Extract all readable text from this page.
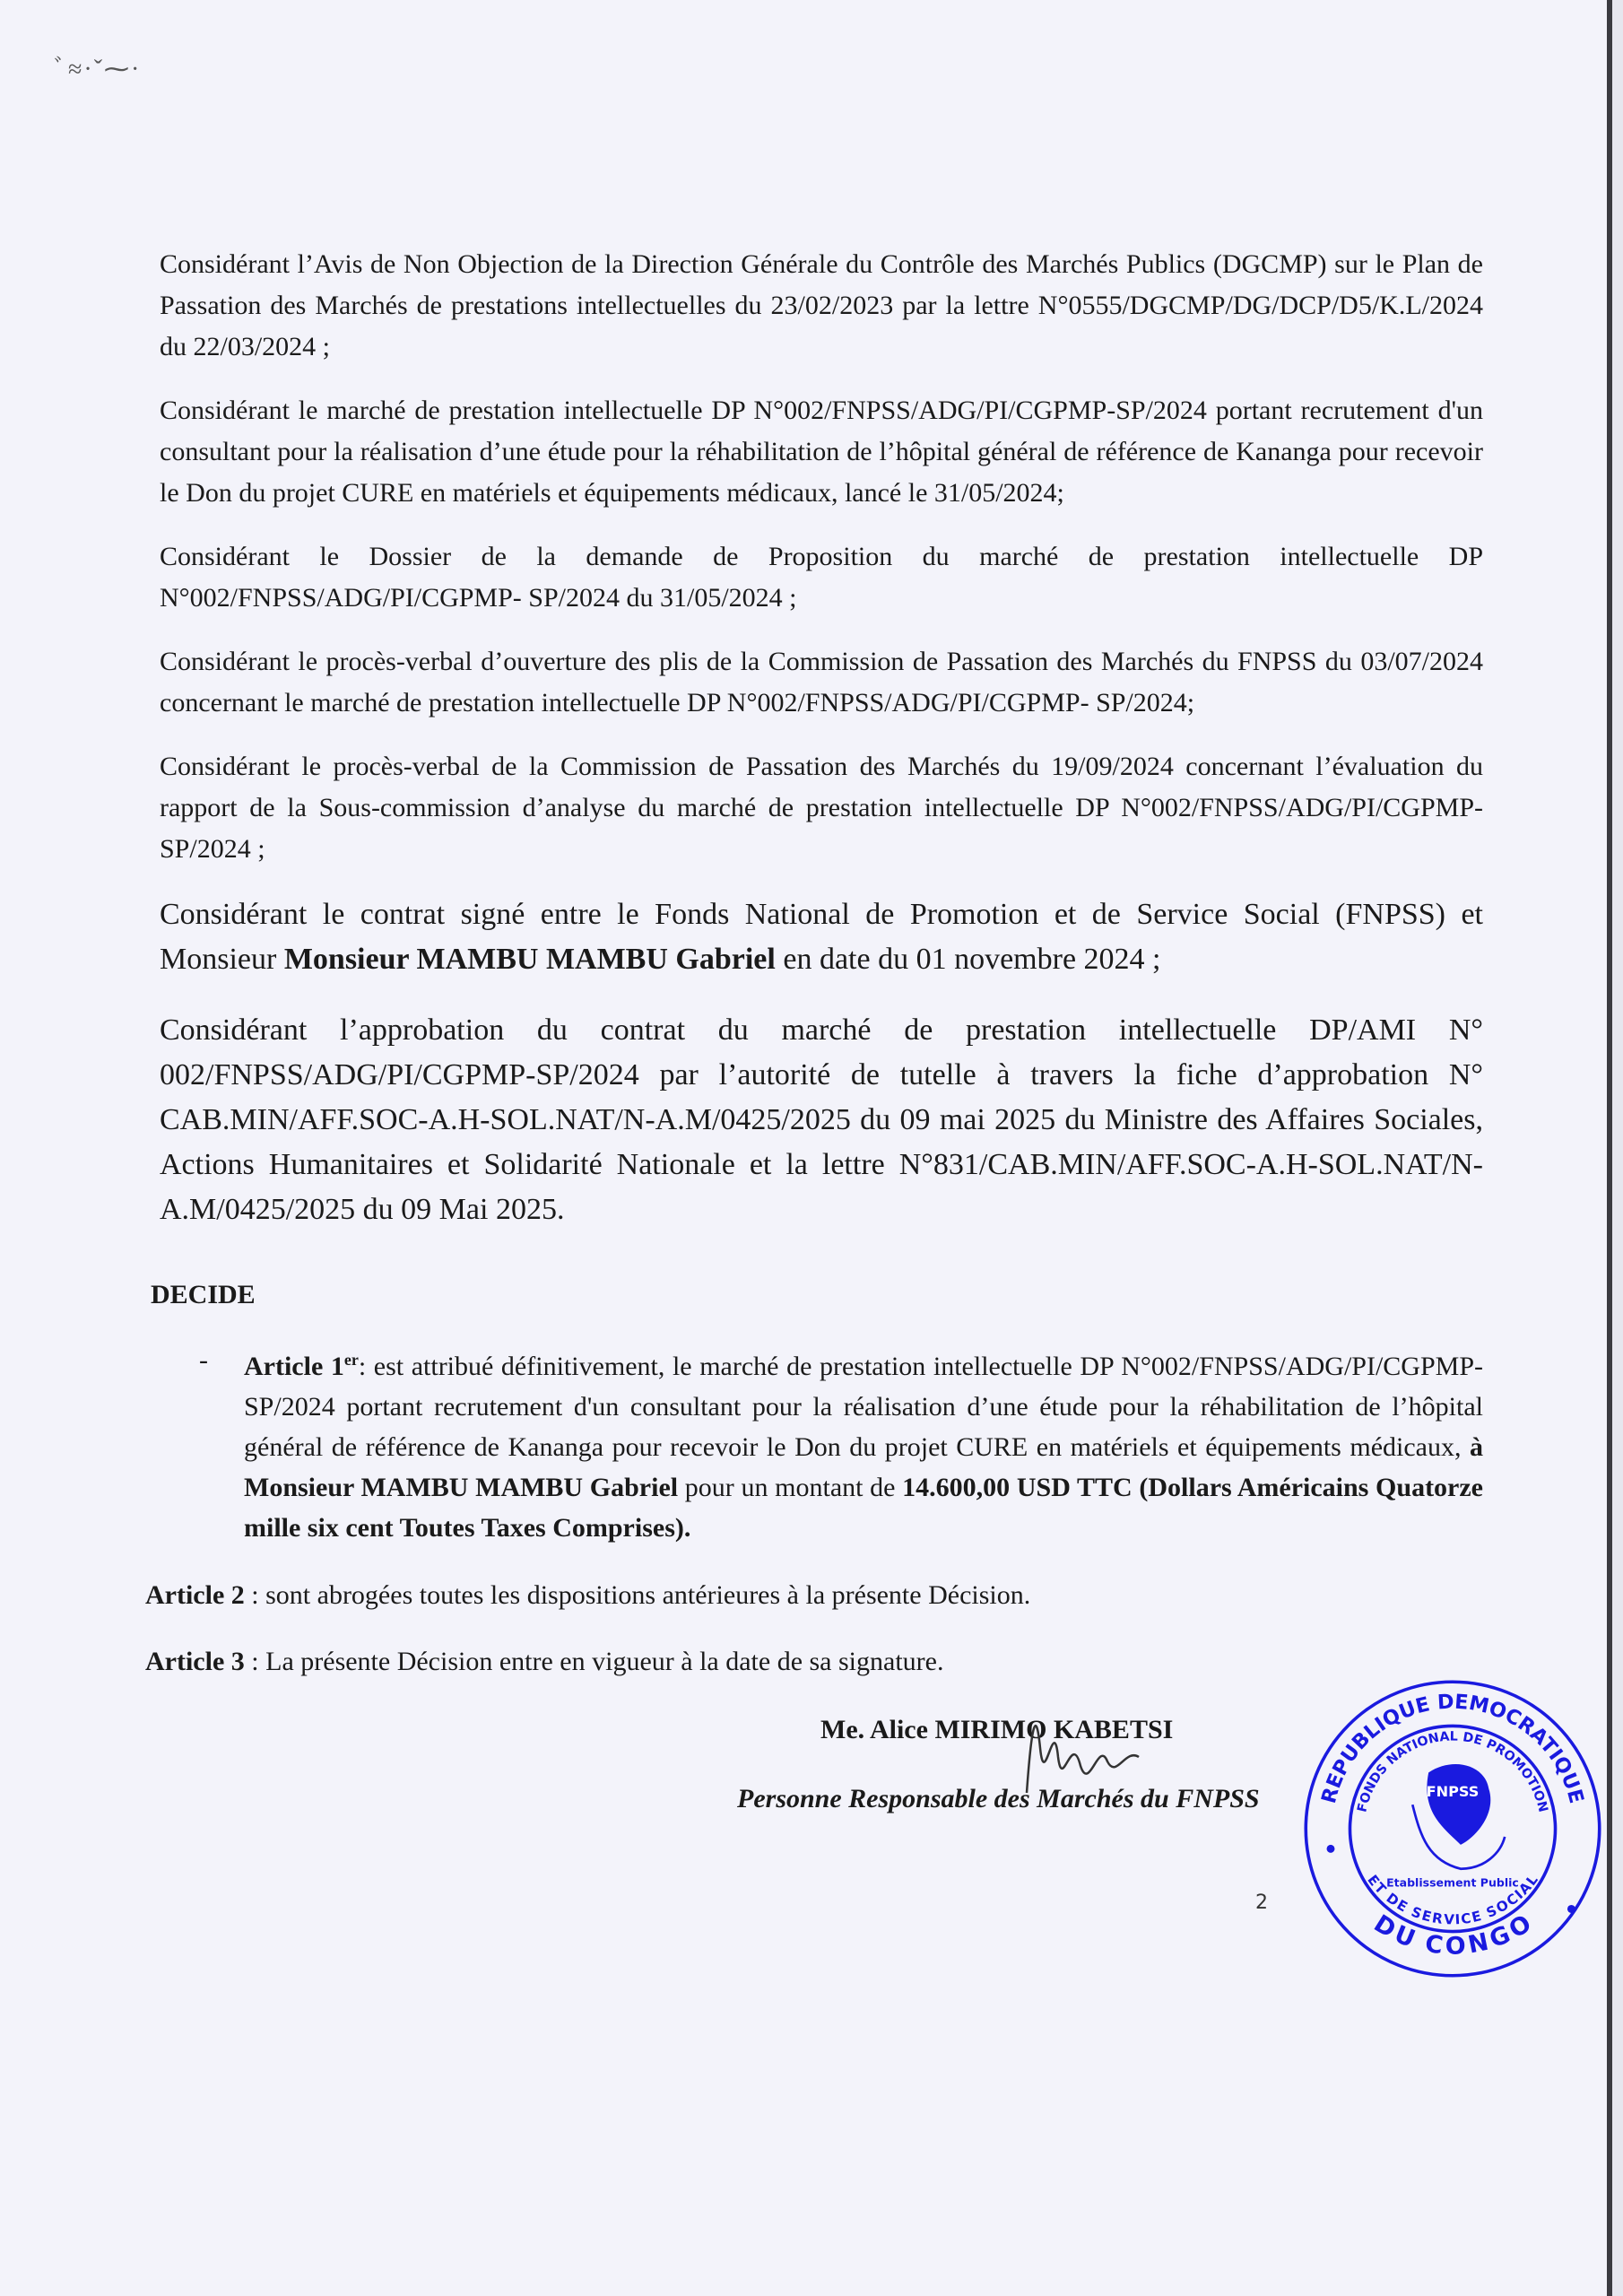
ﾞ≈·ˇ⁓·

Considérant l’Avis de Non Objection de la Direction Générale du Contrôle des Marchés Publics (DGCMP) sur le Plan de Passation des Marchés de prestations intellectuelles du 23/02/2023 par la lettre N°0555/DGCMP/DG/DCP/D5/K.L/2024 du 22/03/2024 ;

Considérant le marché de prestation intellectuelle DP N°002/FNPSS/ADG/PI/CGPMP-SP/2024 portant recrutement d'un consultant pour la réalisation d’une étude pour la réhabilitation de l’hôpital général de référence de Kananga pour recevoir le Don du projet CURE en matériels et équipements médicaux, lancé le 31/05/2024;

Considérant le Dossier de la demande de Proposition du marché de prestation intellectuelle DP N°002/FNPSS/ADG/PI/CGPMP- SP/2024 du 31/05/2024 ;

Considérant le procès-verbal d’ouverture des plis de la Commission de Passation des Marchés du FNPSS du 03/07/2024 concernant le marché de prestation intellectuelle DP N°002/FNPSS/ADG/PI/CGPMP- SP/2024;

Considérant le procès-verbal de la Commission de Passation des Marchés du 19/09/2024 concernant l’évaluation du rapport de la Sous-commission d’analyse du marché de prestation intellectuelle DP N°002/FNPSS/ADG/PI/CGPMP- SP/2024 ;

Considérant le contrat signé entre le Fonds National de Promotion et de Service Social (FNPSS) et Monsieur Monsieur MAMBU MAMBU Gabriel en date du 01 novembre 2024 ;

Considérant l’approbation du contrat du marché de prestation intellectuelle DP/AMI N° 002/FNPSS/ADG/PI/CGPMP-SP/2024 par l’autorité de tutelle à travers la fiche d’approbation N° CAB.MIN/AFF.SOC-A.H-SOL.NAT/N-A.M/0425/2025 du 09 mai 2025 du Ministre des Affaires Sociales, Actions Humanitaires et Solidarité Nationale et la lettre N°831/CAB.MIN/AFF.SOC-A.H-SOL.NAT/N-A.M/0425/2025 du 09 Mai 2025.

DECIDE
-	Article 1er: est attribué définitivement, le marché de prestation intellectuelle DP N°002/FNPSS/ADG/PI/CGPMP-SP/2024 portant recrutement d'un consultant pour la réalisation d’une étude pour la réhabilitation de l’hôpital général de référence de Kananga pour recevoir le Don du projet CURE en matériels et équipements médicaux, à Monsieur MAMBU MAMBU Gabriel pour un montant de 14.600,00 USD TTC (Dollars Américains Quatorze mille six cent Toutes Taxes Comprises).

Article 2 : sont abrogées toutes les dispositions antérieures à la présente Décision.
Article 3 : La présente Décision entre en vigueur à la date de sa signature.
Me. Alice MIRIMO KABETSI
Personne Responsable des Marchés du FNPSS	REPUBLIQUE DEMOCRATIQUE
DU CONGO
FONDS NATIONAL DE PROMOTION
ET DE SERVICE SOCIAL
FNPSS
Etablissement Public
2
